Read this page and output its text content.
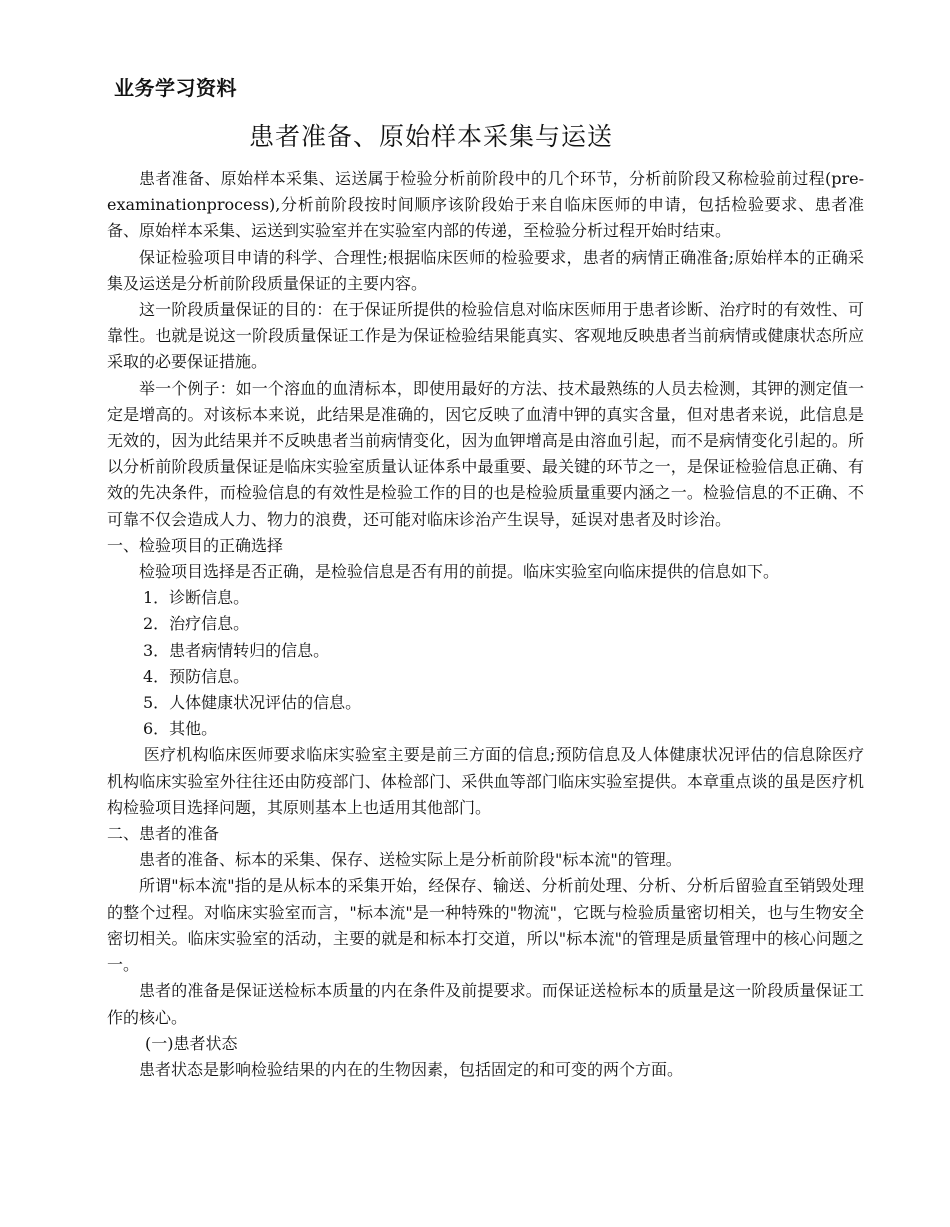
业务学习资料
患者准备、原始样本采集与运送

患者准备、原始样本采集、运送属于检验分析前阶段中的几个环节，分析前阶段又称检验前过程(pre-examinationprocess),分析前阶段按时间顺序该阶段始于来自临床医师的申请，包括检验要求、患者准备、原始样本采集、运送到实验室并在实验室内部的传递，至检验分析过程开始时结束。

保证检验项目申请的科学、合理性;根据临床医师的检验要求，患者的病情正确准备;原始样本的正确采集及运送是分析前阶段质量保证的主要内容。

这一阶段质量保证的目的：在于保证所提供的检验信息对临床医师用于患者诊断、治疗时的有效性、可靠性。也就是说这一阶段质量保证工作是为保证检验结果能真实、客观地反映患者当前病情或健康状态所应采取的必要保证措施。

举一个例子：如一个溶血的血清标本，即使用最好的方法、技术最熟练的人员去检测，其钾的测定值一定是增高的。对该标本来说，此结果是准确的，因它反映了血清中钾的真实含量，但对患者来说，此信息是无效的，因为此结果并不反映患者当前病情变化，因为血钾增高是由溶血引起，而不是病情变化引起的。所以分析前阶段质量保证是临床实验室质量认证体系中最重要、最关键的环节之一，是保证检验信息正确、有效的先决条件，而检验信息的有效性是检验工作的目的也是检验质量重要内涵之一。检验信息的不正确、不可靠不仅会造成人力、物力的浪费，还可能对临床诊治产生误导，延误对患者及时诊治。

一、检验项目的正确选择

检验项目选择是否正确，是检验信息是否有用的前提。临床实验室向临床提供的信息如下。

1．诊断信息。
2．治疗信息。
3．患者病情转归的信息。
4．预防信息。
5．人体健康状况评估的信息。
6．其他。

医疗机构临床医师要求临床实验室主要是前三方面的信息;预防信息及人体健康状况评估的信息除医疗机构临床实验室外往往还由防疫部门、体检部门、采供血等部门临床实验室提供。本章重点谈的虽是医疗机构检验项目选择问题，其原则基本上也适用其他部门。

二、患者的准备

患者的准备、标本的采集、保存、送检实际上是分析前阶段"标本流"的管理。

所谓"标本流"指的是从标本的采集开始，经保存、输送、分析前处理、分析、分析后留验直至销毁处理的整个过程。对临床实验室而言，"标本流"是一种特殊的"物流"，它既与检验质量密切相关，也与生物安全密切相关。临床实验室的活动，主要的就是和标本打交道，所以"标本流"的管理是质量管理中的核心问题之一。

患者的准备是保证送检标本质量的内在条件及前提要求。而保证送检标本的质量是这一阶段质量保证工作的核心。

(一)患者状态

患者状态是影响检验结果的内在的生物因素，包括固定的和可变的两个方面。
